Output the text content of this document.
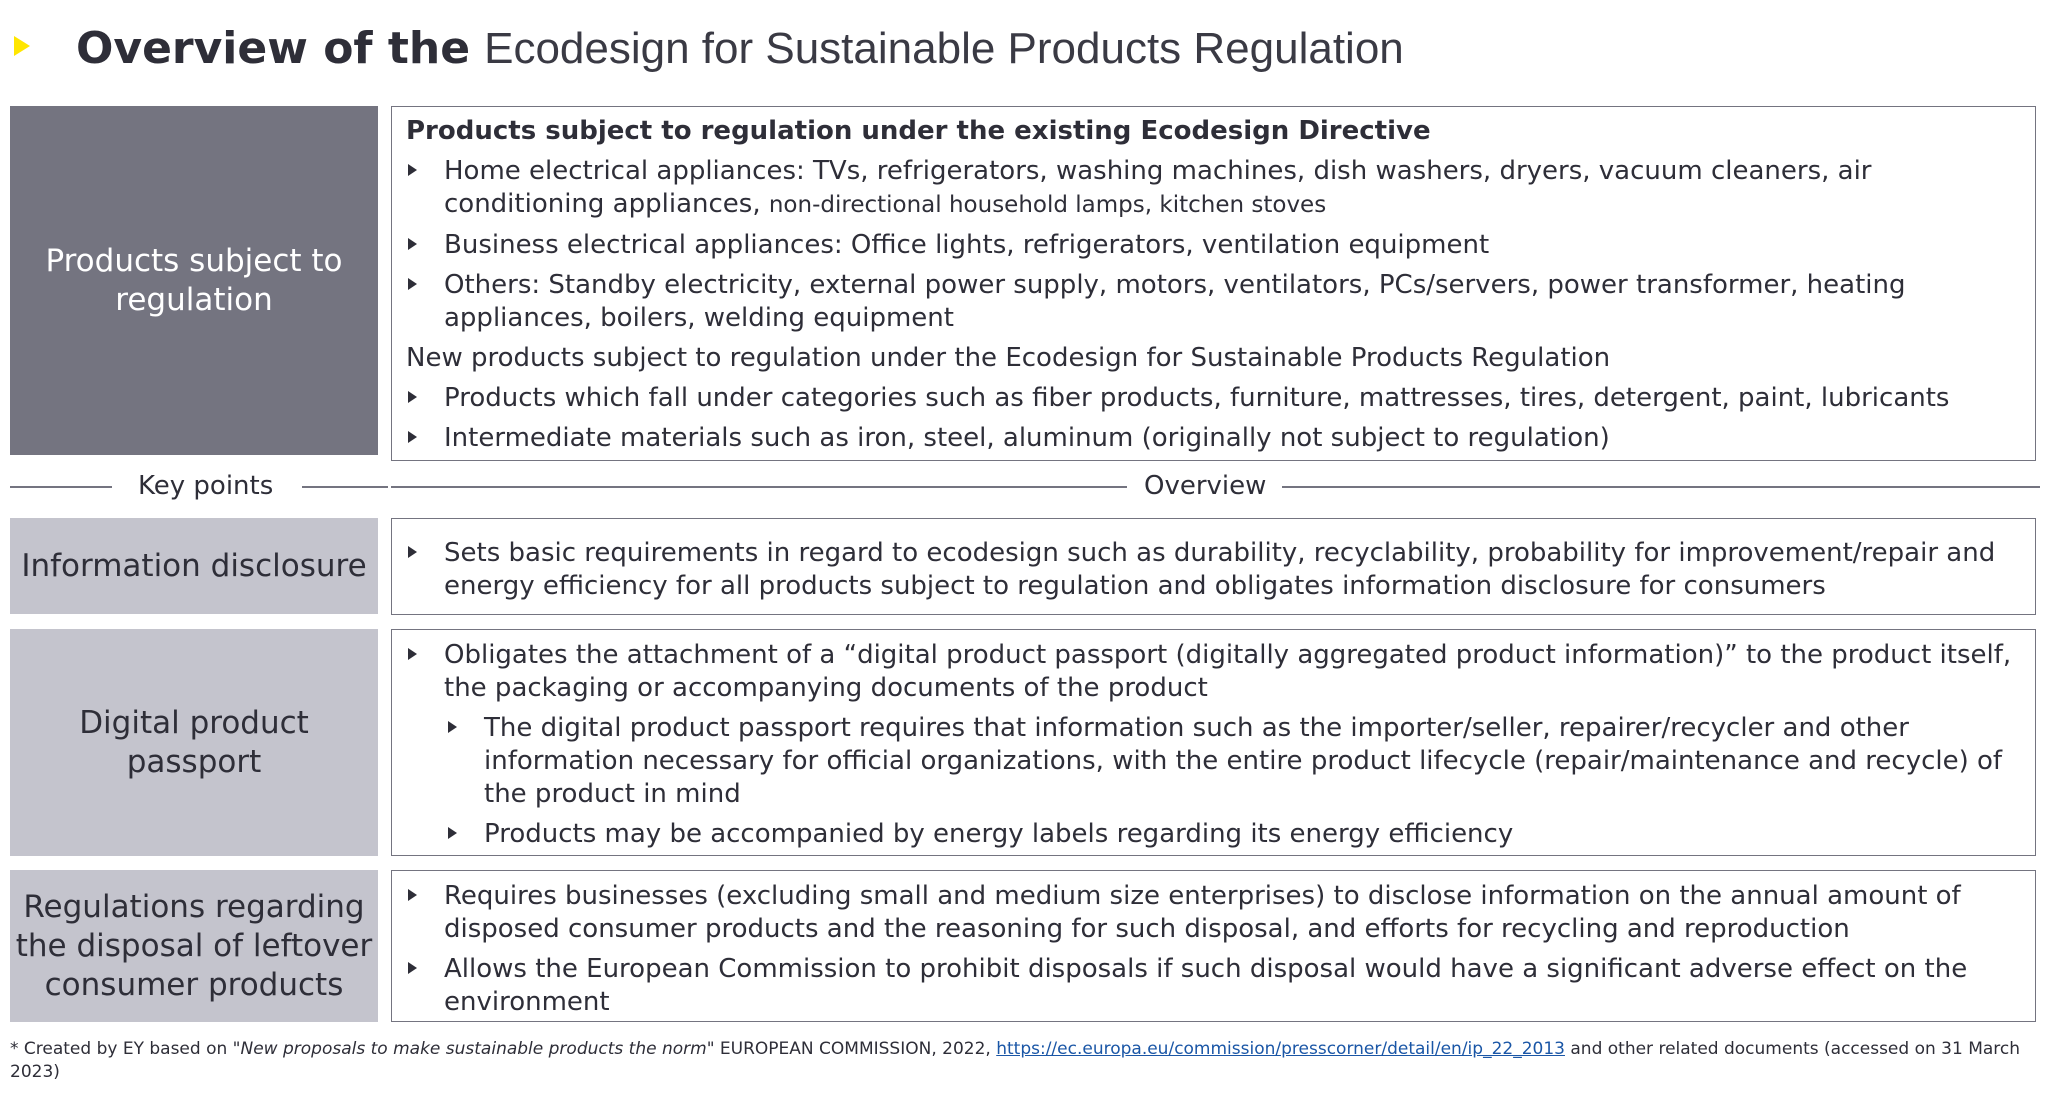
Overview of the Ecodesign for Sustainable Products Regulation
Products subject to regulation
Products subject to regulation under the existing Ecodesign Directive
Home electrical appliances: TVs, refrigerators, washing machines, dish washers, dryers, vacuum cleaners, air conditioning appliances, non-directional household lamps, kitchen stoves
Business electrical appliances: Office lights, refrigerators, ventilation equipment
Others: Standby electricity, external power supply, motors, ventilators, PCs/servers, power transformer, heating appliances, boilers, welding equipment
New products subject to regulation under the Ecodesign for Sustainable Products Regulation
Products which fall under categories such as fiber products, furniture, mattresses, tires, detergent, paint, lubricants
Intermediate materials such as iron, steel, aluminum (originally not subject to regulation)
Key points	Overview
Information disclosure	Sets basic requirements in regard to ecodesign such as durability, recyclability, probability for improvement/repair and energy efficiency for all products subject to regulation and obligates information disclosure for consumers
Digital product passport
Obligates the attachment of a “digital product passport (digitally aggregated product information)” to the product itself, the packaging or accompanying documents of the product
The digital product passport requires that information such as the importer/seller, repairer/recycler and other information necessary for official organizations, with the entire product lifecycle (repair/maintenance and recycle) of the product in mind
Products may be accompanied by energy labels regarding its energy efficiency
Regulations regarding the disposal of leftover consumer products
Requires businesses (excluding small and medium size enterprises) to disclose information on the annual amount of disposed consumer products and the reasoning for such disposal, and efforts for recycling and reproduction
Allows the European Commission to prohibit disposals if such disposal would have a significant adverse effect on the environment
* Created by EY based on "New proposals to make sustainable products the norm" EUROPEAN COMMISSION, 2022, https://ec.europa.eu/commission/presscorner/detail/en/ip_22_2013 and other related documents (accessed on 31 March 2023)
